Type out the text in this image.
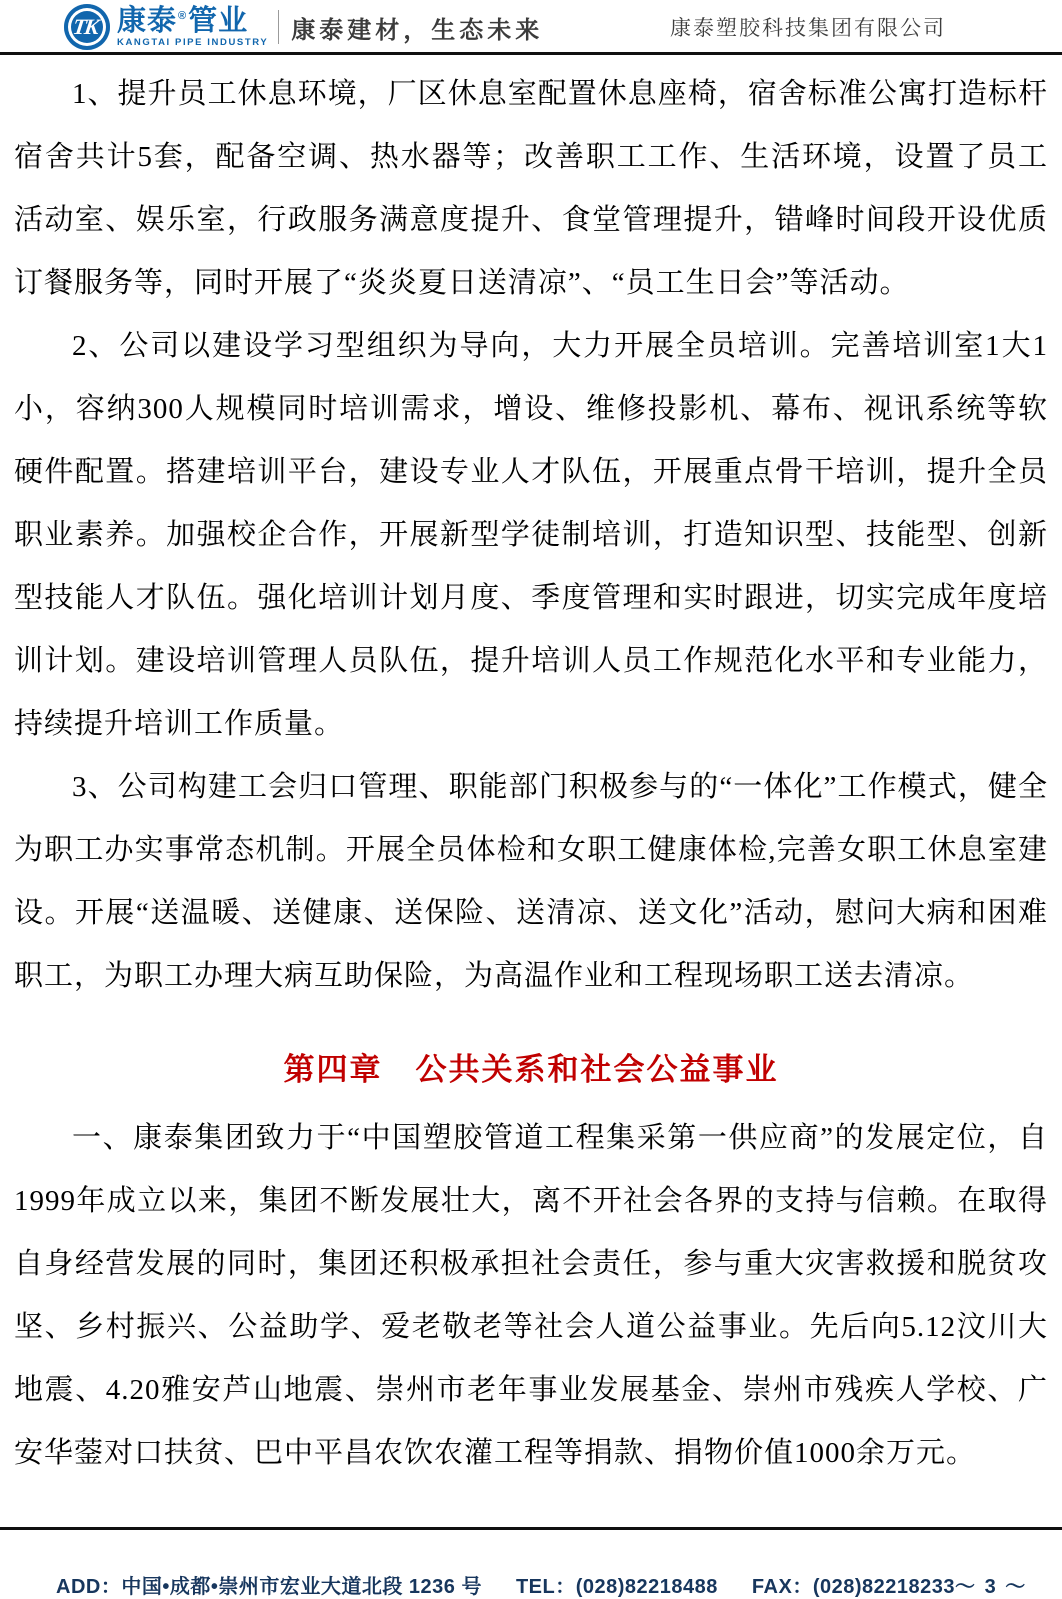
TK 康泰®管业
KANGTAI PIPE INDUSTRY 康泰建材，生态未来	康泰塑胶科技集团有限公司

1、提升员工休息环境，厂区休息室配置休息座椅，宿舍标准公寓打造标杆宿舍共计5套，配备空调、热水器等；改善职工工作、生活环境，设置了员工活动室、娱乐室，行政服务满意度提升、食堂管理提升，错峰时间段开设优质订餐服务等，同时开展了“炎炎夏日送清凉”、“员工生日会”等活动。

2、公司以建设学习型组织为导向，大力开展全员培训。完善培训室1大1小，容纳300人规模同时培训需求，增设、维修投影机、幕布、视讯系统等软硬件配置。搭建培训平台，建设专业人才队伍，开展重点骨干培训，提升全员职业素养。加强校企合作，开展新型学徒制培训，打造知识型、技能型、创新型技能人才队伍。强化培训计划月度、季度管理和实时跟进，切实完成年度培训计划。建设培训管理人员队伍，提升培训人员工作规范化水平和专业能力，持续提升培训工作质量。

3、公司构建工会归口管理、职能部门积极参与的“一体化”工作模式，健全为职工办实事常态机制。开展全员体检和女职工健康体检,完善女职工休息室建设。开展“送温暖、送健康、送保险、送清凉、送文化”活动，慰问大病和困难职工，为职工办理大病互助保险，为高温作业和工程现场职工送去清凉。

第四章　公共关系和社会公益事业

一、康泰集团致力于“中国塑胶管道工程集采第一供应商”的发展定位，自1999年成立以来，集团不断发展壮大，离不开社会各界的支持与信赖。在取得自身经营发展的同时，集团还积极承担社会责任，参与重大灾害救援和脱贫攻坚、乡村振兴、公益助学、爱老敬老等社会人道公益事业。先后向5.12汶川大地震、4.20雅安芦山地震、崇州市老年事业发展基金、崇州市残疾人学校、广安华蓥对口扶贫、巴中平昌农饮农灌工程等捐款、捐物价值1000余万元。

ADD：中国•成都•崇州市宏业大道北段 1236 号 TEL：(028)82218488 FAX：(028)82218233 ～ 3 ～
